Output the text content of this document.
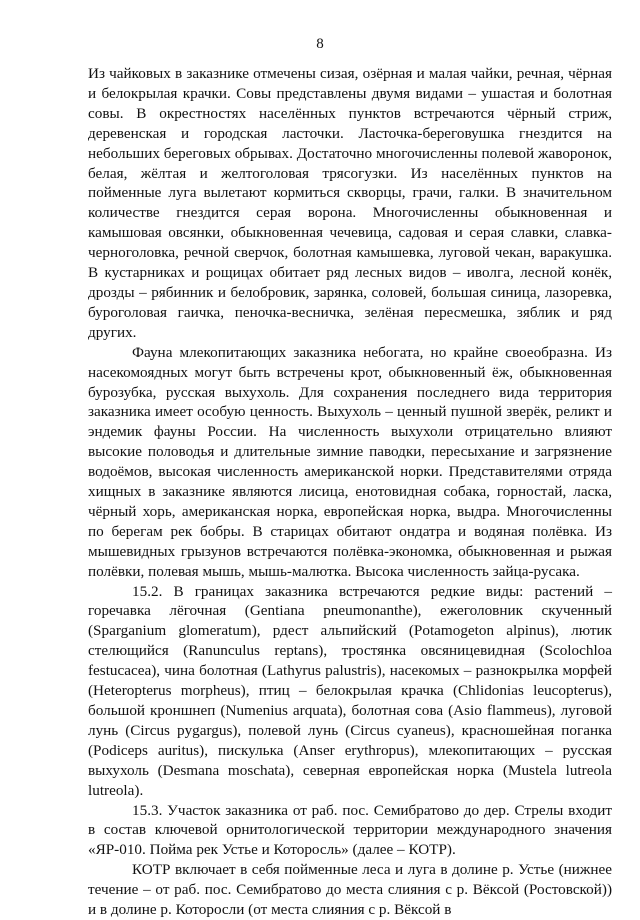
8

Из чайковых в заказнике отмечены сизая, озёрная и малая чайки, речная, чёрная и белокрылая крачки. Совы представлены двумя видами – ушастая и болотная совы. В окрестностях населённых пунктов встречаются чёрный стриж, деревенская и городская ласточки. Ласточка-береговушка гнездится на небольших береговых обрывах. Достаточно многочисленны полевой жаворонок, белая, жёлтая и желтоголовая трясогузки. Из населённых пунктов на пойменные луга вылетают кормиться скворцы, грачи, галки. В значительном количестве гнездится серая ворона. Многочисленны обыкновенная и камышовая овсянки, обыкновенная чечевица, садовая и серая славки, славка-черноголовка, речной сверчок, болотная камышевка, луговой чекан, варакушка. В кустарниках и рощицах обитает ряд лесных видов – иволга, лесной конёк, дрозды – рябинник и белобровик, зарянка, соловей, большая синица, лазоревка, буроголовая гаичка, пеночка-весничка, зелёная пересмешка, зяблик и ряд других.

Фауна млекопитающих заказника небогата, но крайне своеобразна. Из насекомоядных могут быть встречены крот, обыкновенный ёж, обыкновенная бурозубка, русская выхухоль. Для сохранения последнего вида территория заказника имеет особую ценность. Выхухоль – ценный пушной зверёк, реликт и эндемик фауны России. На численность выхухоли отрицательно влияют высокие половодья и длительные зимние паводки, пересыхание и загрязнение водоёмов, высокая численность американской норки. Представителями отряда хищных в заказнике являются лисица, енотовидная собака, горностай, ласка, чёрный хорь, американская норка, европейская норка, выдра. Многочисленны по берегам рек бобры. В старицах обитают ондатра и водяная полёвка. Из мышевидных грызунов встречаются полёвка-экономка, обыкновенная и рыжая полёвки, полевая мышь, мышь-малютка. Высока численность зайца-русака.

15.2. В границах заказника встречаются редкие виды: растений – горечавка лёгочная (Gentiana pneumonanthe), ежеголовник скученный (Sparganium glomeratum), рдест альпийский (Potamogeton alpinus), лютик стелющийся (Ranunculus reptans), тростянка овсяницевидная (Scolochloa festucacea), чина болотная (Lathyrus palustris), насекомых – разнокрылка морфей (Heteropterus morpheus), птиц – белокрылая крачка (Chlidonias leucopterus), большой кроншнеп (Numenius arquata), болотная сова (Asio flammeus), луговой лунь (Circus pygargus), полевой лунь (Circus cyaneus), красношейная поганка (Podiceps auritus), пискулька (Anser erythropus), млекопитающих – русская выхухоль (Desmana moschata), северная европейская норка (Mustela lutreola lutreola).

15.3. Участок заказника от раб. пос. Семибратово до дер. Стрелы входит в состав ключевой орнитологической территории международного значения «ЯР-010. Пойма рек Устье и Которосль» (далее – КОТР).

КОТР включает в себя пойменные леса и луга в долине р. Устье (нижнее течение – от раб. пос. Семибратово до места слияния с р. Вёксой (Ростовской)) и в долине р. Которосли (от места слияния с р. Вёксой в
